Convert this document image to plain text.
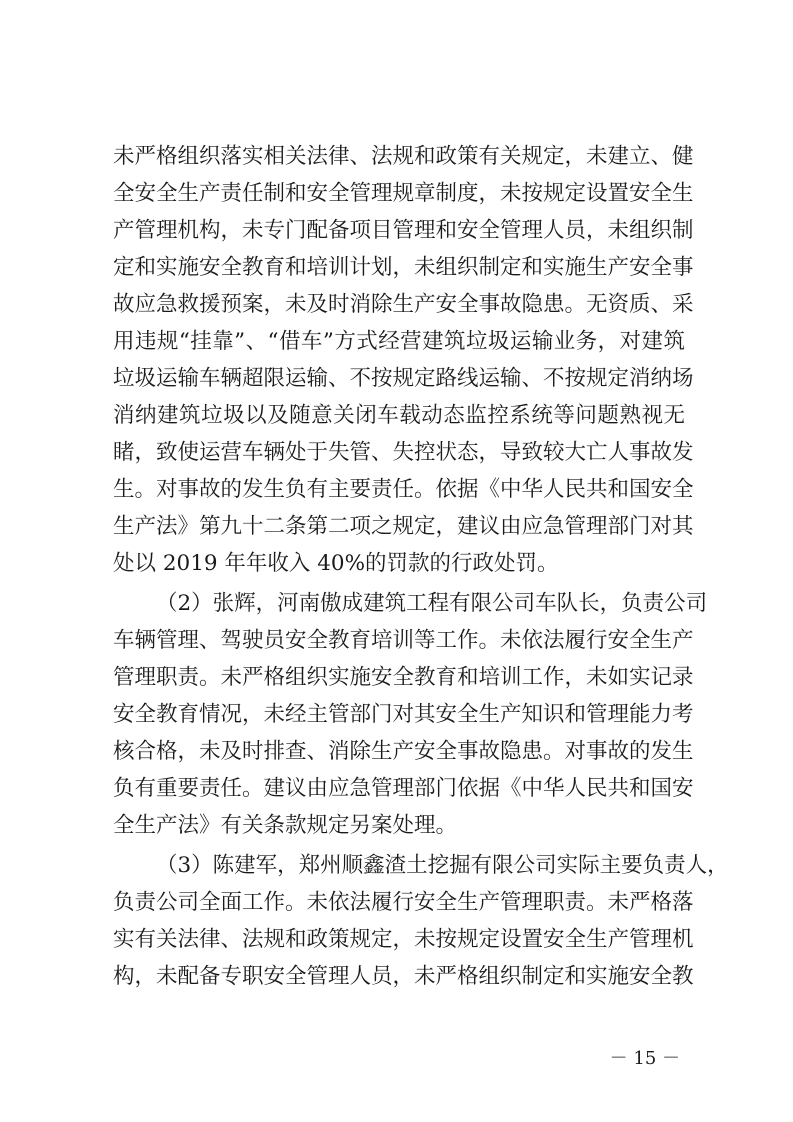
未严格组织落实相关法律、法规和政策有关规定，未建立、健
全安全生产责任制和安全管理规章制度，未按规定设置安全生
产管理机构，未专门配备项目管理和安全管理人员，未组织制
定和实施安全教育和培训计划，未组织制定和实施生产安全事
故应急救援预案，未及时消除生产安全事故隐患。无资质、采
用违规“挂靠”、“借车”方式经营建筑垃圾运输业务，对建筑
垃圾运输车辆超限运输、不按规定路线运输、不按规定消纳场
消纳建筑垃圾以及随意关闭车载动态监控系统等问题熟视无
睹，致使运营车辆处于失管、失控状态，导致较大亡人事故发
生。对事故的发生负有主要责任。依据《中华人民共和国安全
生产法》第九十二条第二项之规定，建议由应急管理部门对其
处以 2019 年年收入 40%的罚款的行政处罚。
（2）张辉，河南傲成建筑工程有限公司车队长，负责公司
车辆管理、驾驶员安全教育培训等工作。未依法履行安全生产
管理职责。未严格组织实施安全教育和培训工作，未如实记录
安全教育情况，未经主管部门对其安全生产知识和管理能力考
核合格，未及时排查、消除生产安全事故隐患。对事故的发生
负有重要责任。建议由应急管理部门依据《中华人民共和国安
全生产法》有关条款规定另案处理。
（3）陈建军，郑州顺鑫渣土挖掘有限公司实际主要负责人，
负责公司全面工作。未依法履行安全生产管理职责。未严格落
实有关法律、法规和政策规定，未按规定设置安全生产管理机
构，未配备专职安全管理人员，未严格组织制定和实施安全教
－ 15 －
